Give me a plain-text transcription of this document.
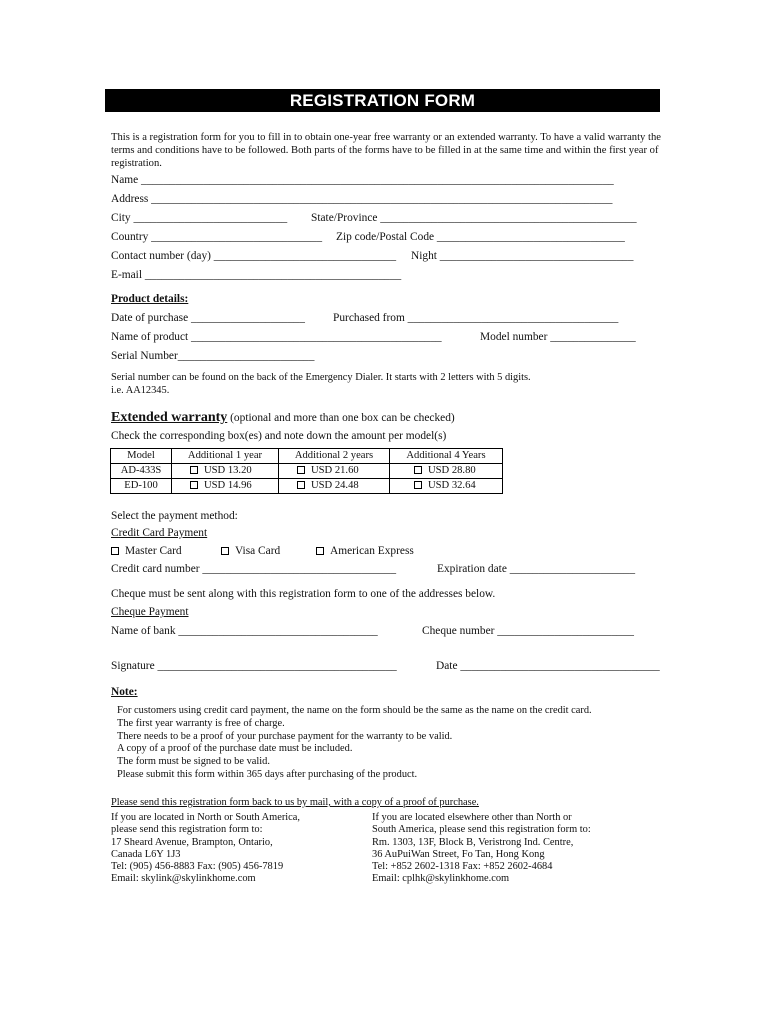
REGISTRATION FORM
This is a registration form for you to fill in to obtain one-year free warranty or an extended warranty. To have a valid warranty the terms and conditions have to be followed. Both parts of the forms have to be filled in at the same time and within the first year of registration.
Name ___________________________________________________________________________________
Address _________________________________________________________________________________
City ___________________________ State/Province _____________________________________________
Country ______________________________ Zip code/Postal Code _________________________________
Contact number (day) ________________________________ Night __________________________________
E-mail _____________________________________________
Product details:
Date of purchase ____________________ Purchased from _____________________________________
Name of product ____________________________________________	Model number _______________
Serial Number________________________
Serial number can be found on the back of the Emergency Dialer. It starts with 2 letters with 5 digits.
i.e. AA12345.
Extended warranty (optional and more than one box can be checked)
Check the corresponding box(es) and note down the amount per model(s)
Model	Additional 1 year	Additional 2 years	Additional 4 Years
AD-433S	USD 13.20	USD 21.60	USD 28.80
ED-100	USD 14.96	USD 24.48	USD 32.64
Select the payment method:
Credit Card Payment
Master Card	Visa Card	American Express
Credit card number __________________________________	Expiration date ______________________
Cheque must be sent along with this registration form to one of the addresses below.
Cheque Payment
Name of bank ___________________________________	Cheque number ________________________
Signature __________________________________________	Date ___________________________________
Note:
For customers using credit card payment, the name on the form should be the same as the name on the credit card.
The first year warranty is free of charge.
There needs to be a proof of your purchase payment for the warranty to be valid.
A copy of a proof of the purchase date must be included.
The form must be signed to be valid.
Please submit this form within 365 days after purchasing of the product.
Please send this registration form back to us by mail, with a copy of a proof of purchase.
If you are located in North or South America,
please send this registration form to:
17 Sheard Avenue, Brampton, Ontario,
Canada L6Y 1J3
Tel: (905) 456-8883 Fax: (905) 456-7819
Email: skylink@skylinkhome.com
If you are located elsewhere other than North or
South America, please send this registration form to:
Rm. 1303, 13F, Block B, Veristrong Ind. Centre,
36 AuPuiWan Street, Fo Tan, Hong Kong
Tel: +852 2602-1318 Fax: +852 2602-4684
Email: cplhk@skylinkhome.com
